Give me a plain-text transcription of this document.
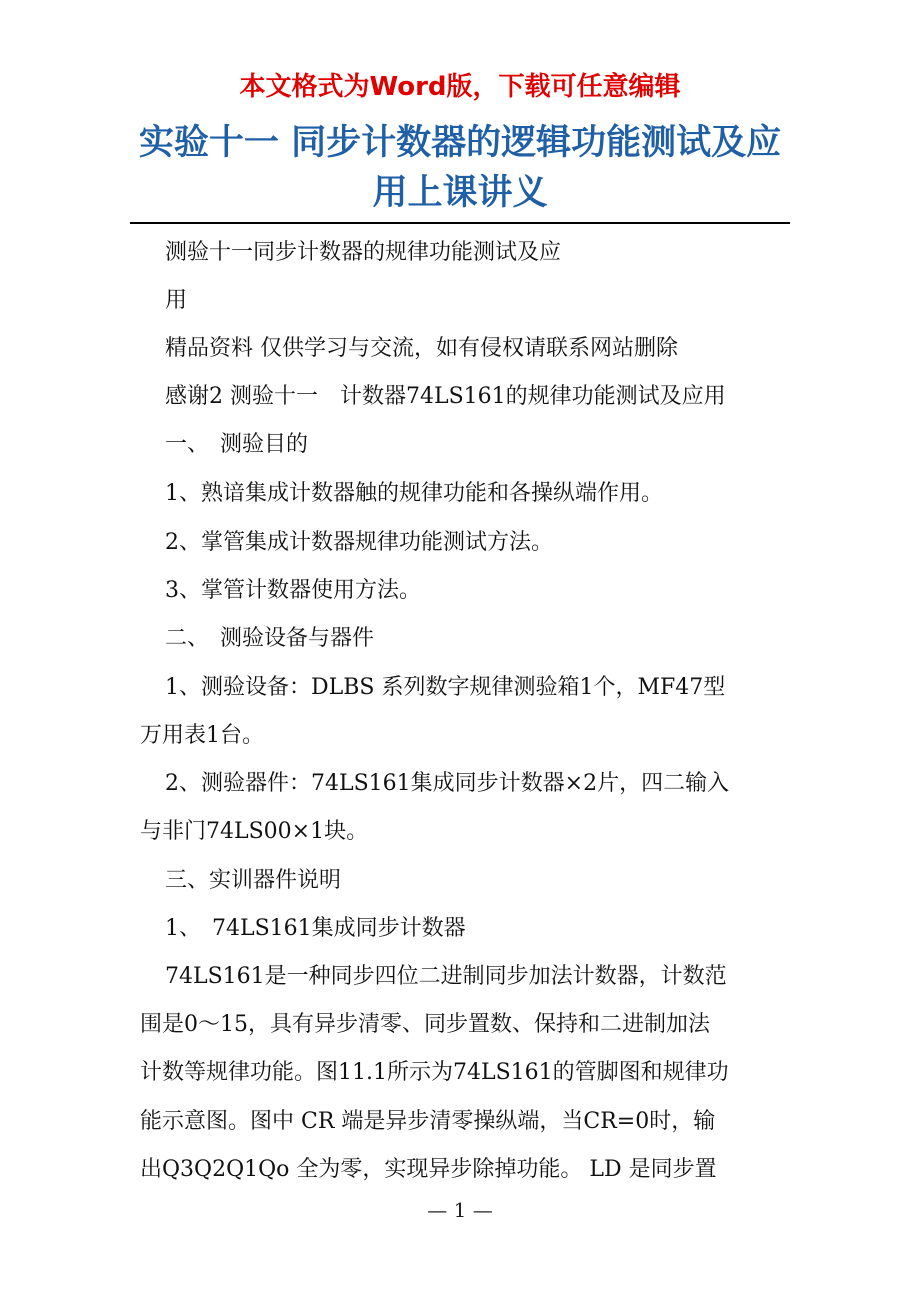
本文格式为Word版，下载可任意编辑
实验十一 同步计数器的逻辑功能测试及应用上课讲义
测验十一同步计数器的规律功能测试及应
用
精品资料 仅供学习与交流，如有侵权请联系网站删除
感谢2 测验十一　计数器74LS161的规律功能测试及应用
一、　测验目的
1、熟谙集成计数器触的规律功能和各操纵端作用。
2、掌管集成计数器规律功能测试方法。
3、掌管计数器使用方法。
二、　测验设备与器件
1、测验设备：DLBS 系列数字规律测验箱1个，MF47型
万用表1台。
2、测验器件：74LS161集成同步计数器×2片，四二输入
与非门74LS00×1块。
三、实训器件说明
1、　74LS161集成同步计数器
74LS161是一种同步四位二进制同步加法计数器，计数范
围是0～15，具有异步清零、同步置数、保持和二进制加法
计数等规律功能。图11.1所示为74LS161的管脚图和规律功
能示意图。图中 CR 端是异步清零操纵端，当CR=0时，输
出Q3Q2Q1Qo 全为零，实现异步除掉功能。 LD 是同步置
— 1 —
